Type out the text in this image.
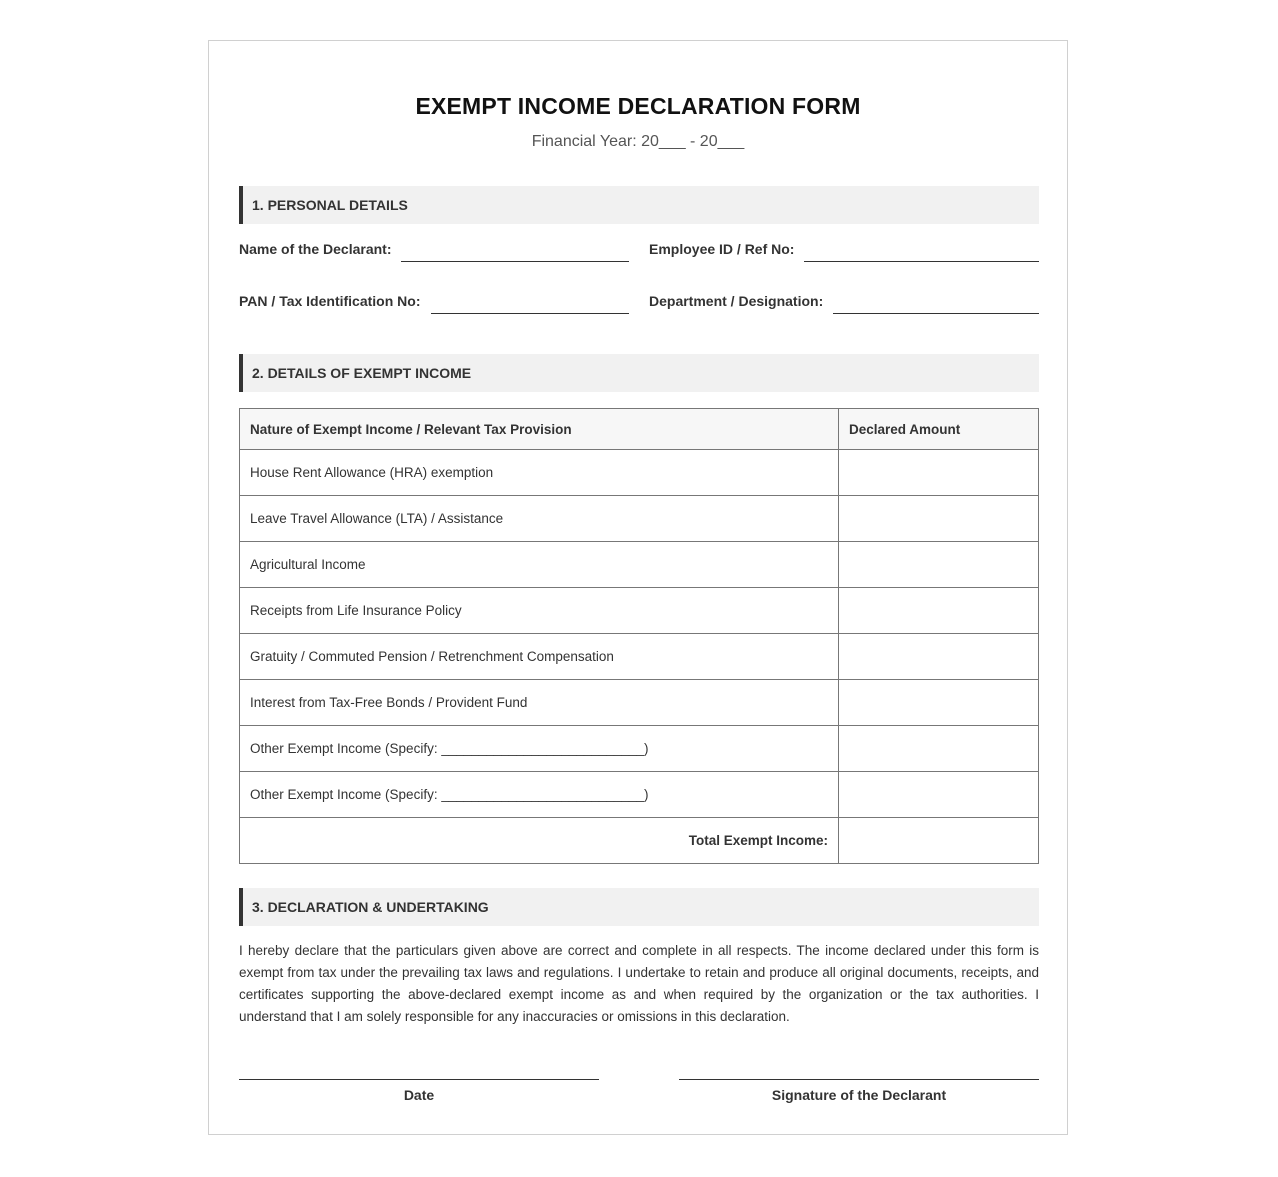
EXEMPT INCOME DECLARATION FORM
Financial Year: 20___ - 20___
1. PERSONAL DETAILS
Name of the Declarant:	Employee ID / Ref No:
PAN / Tax Identification No:	Department / Designation:
2. DETAILS OF EXEMPT INCOME
Nature of Exempt Income / Relevant Tax Provision	Declared Amount
House Rent Allowance (HRA) exemption	
Leave Travel Allowance (LTA) / Assistance	
Agricultural Income	
Receipts from Life Insurance Policy	
Gratuity / Commuted Pension / Retrenchment Compensation	
Interest from Tax-Free Bonds / Provident Fund	
Other Exempt Income (Specify: ___________________________)	
Other Exempt Income (Specify: ___________________________)	
Total Exempt Income:	
3. DECLARATION & UNDERTAKING
I hereby declare that the particulars given above are correct and complete in all respects. The income declared under this form is exempt from tax under the prevailing tax laws and regulations. I undertake to retain and produce all original documents, receipts, and certificates supporting the above-declared exempt income as and when required by the organization or the tax authorities. I understand that I am solely responsible for any inaccuracies or omissions in this declaration.
Date	Signature of the Declarant
